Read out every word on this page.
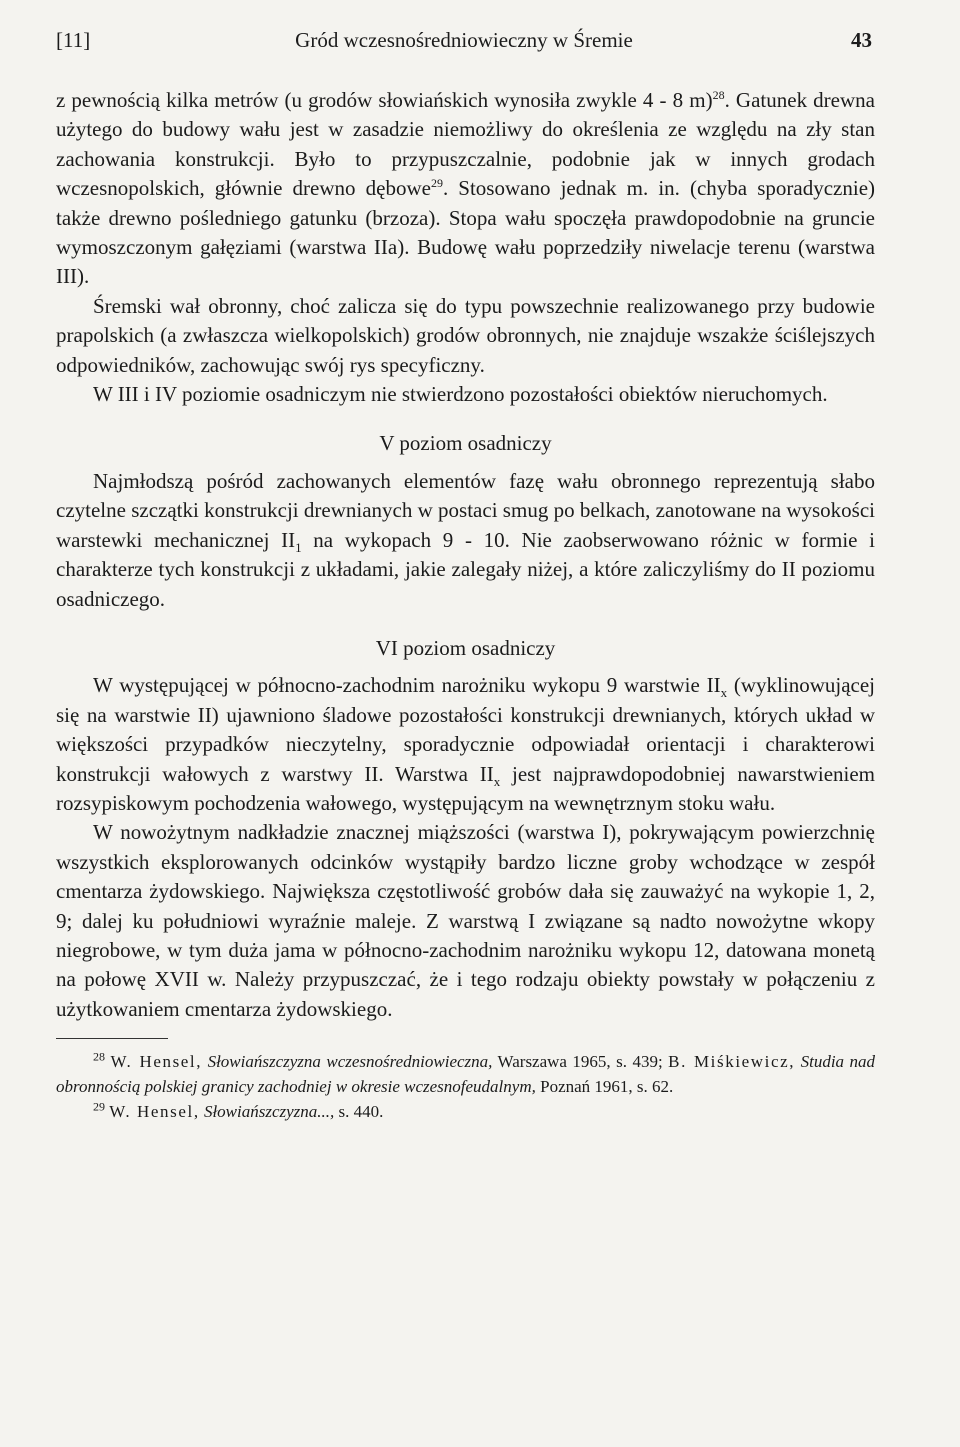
[11]	Gród wczesnośredniowieczny w Śremie	43

z pewnością kilka metrów (u grodów słowiańskich wynosiła zwykle 4 - 8 m)$^{28}$. Gatunek drewna użytego do budowy wału jest w zasadzie niemożliwy do określenia ze względu na zły stan zachowania konstrukcji. Było to przypuszczalnie, podobnie jak w innych grodach wczesnopolskich, głównie drewno dębowe$^{29}$. Stosowano jednak m. in. (chyba sporadycznie) także drewno pośledniego gatunku (brzoza). Stopa wału spoczęła prawdopodobnie na gruncie wymoszczonym gałęziami (warstwa IIa). Budowę wału poprzedziły niwelacje terenu (warstwa III).

Śremski wał obronny, choć zalicza się do typu powszechnie realizowanego przy budowie prapolskich (a zwłaszcza wielkopolskich) grodów obronnych, nie znajduje wszakże ściślejszych odpowiedników, zachowując swój rys specyficzny.

W III i IV poziomie osadniczym nie stwierdzono pozostałości obiektów nieruchomych.

V poziom osadniczy

Najmłodszą pośród zachowanych elementów fazę wału obronnego reprezentują słabo czytelne szczątki konstrukcji drewnianych w postaci smug po belkach, zanotowane na wysokości warstewki mechanicznej $II_1$ na wykopach 9 - 10. Nie zaobserwowano różnic w formie i charakterze tych konstrukcji z układami, jakie zalegały niżej, a które zaliczyliśmy do II poziomu osadniczego.

VI poziom osadniczy

W występującej w północno-zachodnim narożniku wykopu 9 warstwie $II_x$ (wyklinowującej się na warstwie II) ujawniono śladowe pozostałości konstrukcji drewnianych, których układ w większości przypadków nieczytelny, sporadycznie odpowiadał orientacji i charakterowi konstrukcji wałowych z warstwy II. Warstwa $II_x$ jest najprawdopodobniej nawarstwieniem rozsypiskowym pochodzenia wałowego, występującym na wewnętrznym stoku wału.

W nowożytnym nadkładzie znacznej miąższości (warstwa I), pokrywającym powierzchnię wszystkich eksplorowanych odcinków wystąpiły bardzo liczne groby wchodzące w zespół cmentarza żydowskiego. Największa częstotliwość grobów dała się zauważyć na wykopie 1, 2, 9; dalej ku południowi wyraźnie maleje. Z warstwą I związane są nadto nowożytne wkopy niegrobowe, w tym duża jama w północno-zachodnim narożniku wykopu 12, datowana monetą na połowę XVII w. Należy przypuszczać, że i tego rodzaju obiekty powstały w połączeniu z użytkowaniem cmentarza żydowskiego.

$^{28}$ W. Hensel, Słowiańszczyzna wczesnośredniowieczna, Warszawa 1965, s. 439; B. Miśkiewicz, Studia nad obronnością polskiej granicy zachodniej w okresie wczesnofeudalnym, Poznań 1961, s. 62.

$^{29}$ W. Hensel, Słowiańszczyzna..., s. 440.
